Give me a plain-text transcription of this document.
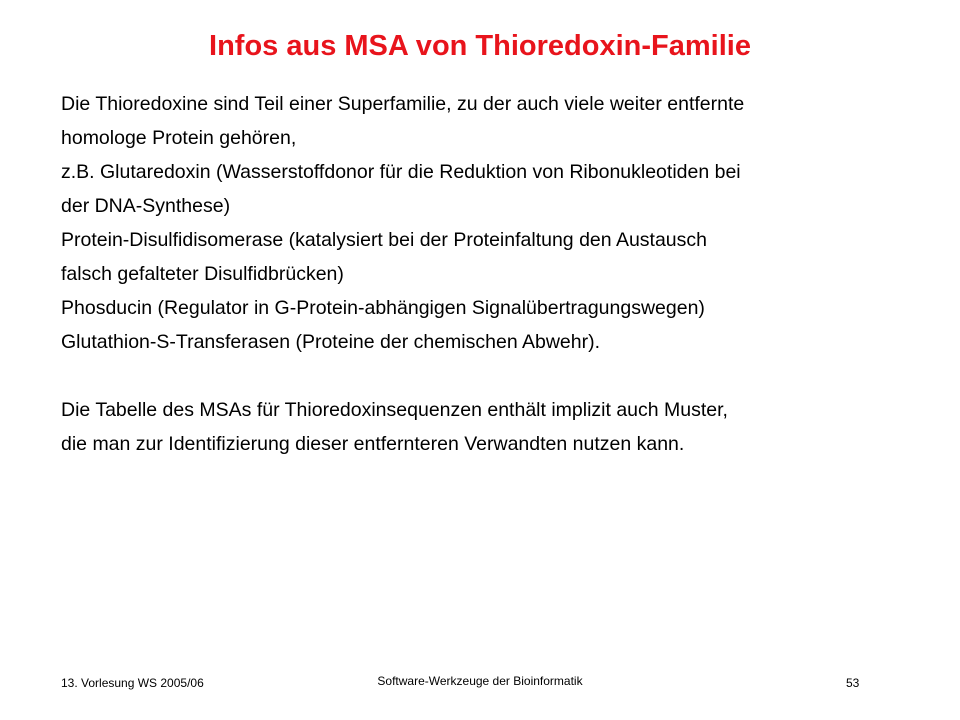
Infos aus MSA von Thioredoxin-Familie
Die Thioredoxine sind Teil einer Superfamilie, zu der auch viele weiter entfernte
homologe Protein gehören,
z.B. Glutaredoxin (Wasserstoffdonor für die Reduktion von Ribonukleotiden bei
der DNA-Synthese)
Protein-Disulfidisomerase (katalysiert bei der Proteinfaltung den Austausch
falsch gefalteter Disulfidbrücken)
Phosducin (Regulator in G-Protein-abhängigen Signalübertragungswegen)
Glutathion-S-Transferasen (Proteine der chemischen Abwehr).
Die Tabelle des MSAs für Thioredoxinsequenzen enthält implizit auch Muster,
die man zur Identifizierung dieser entfernteren Verwandten nutzen kann.
13. Vorlesung WS 2005/06	Software-Werkzeuge der Bioinformatik	53
